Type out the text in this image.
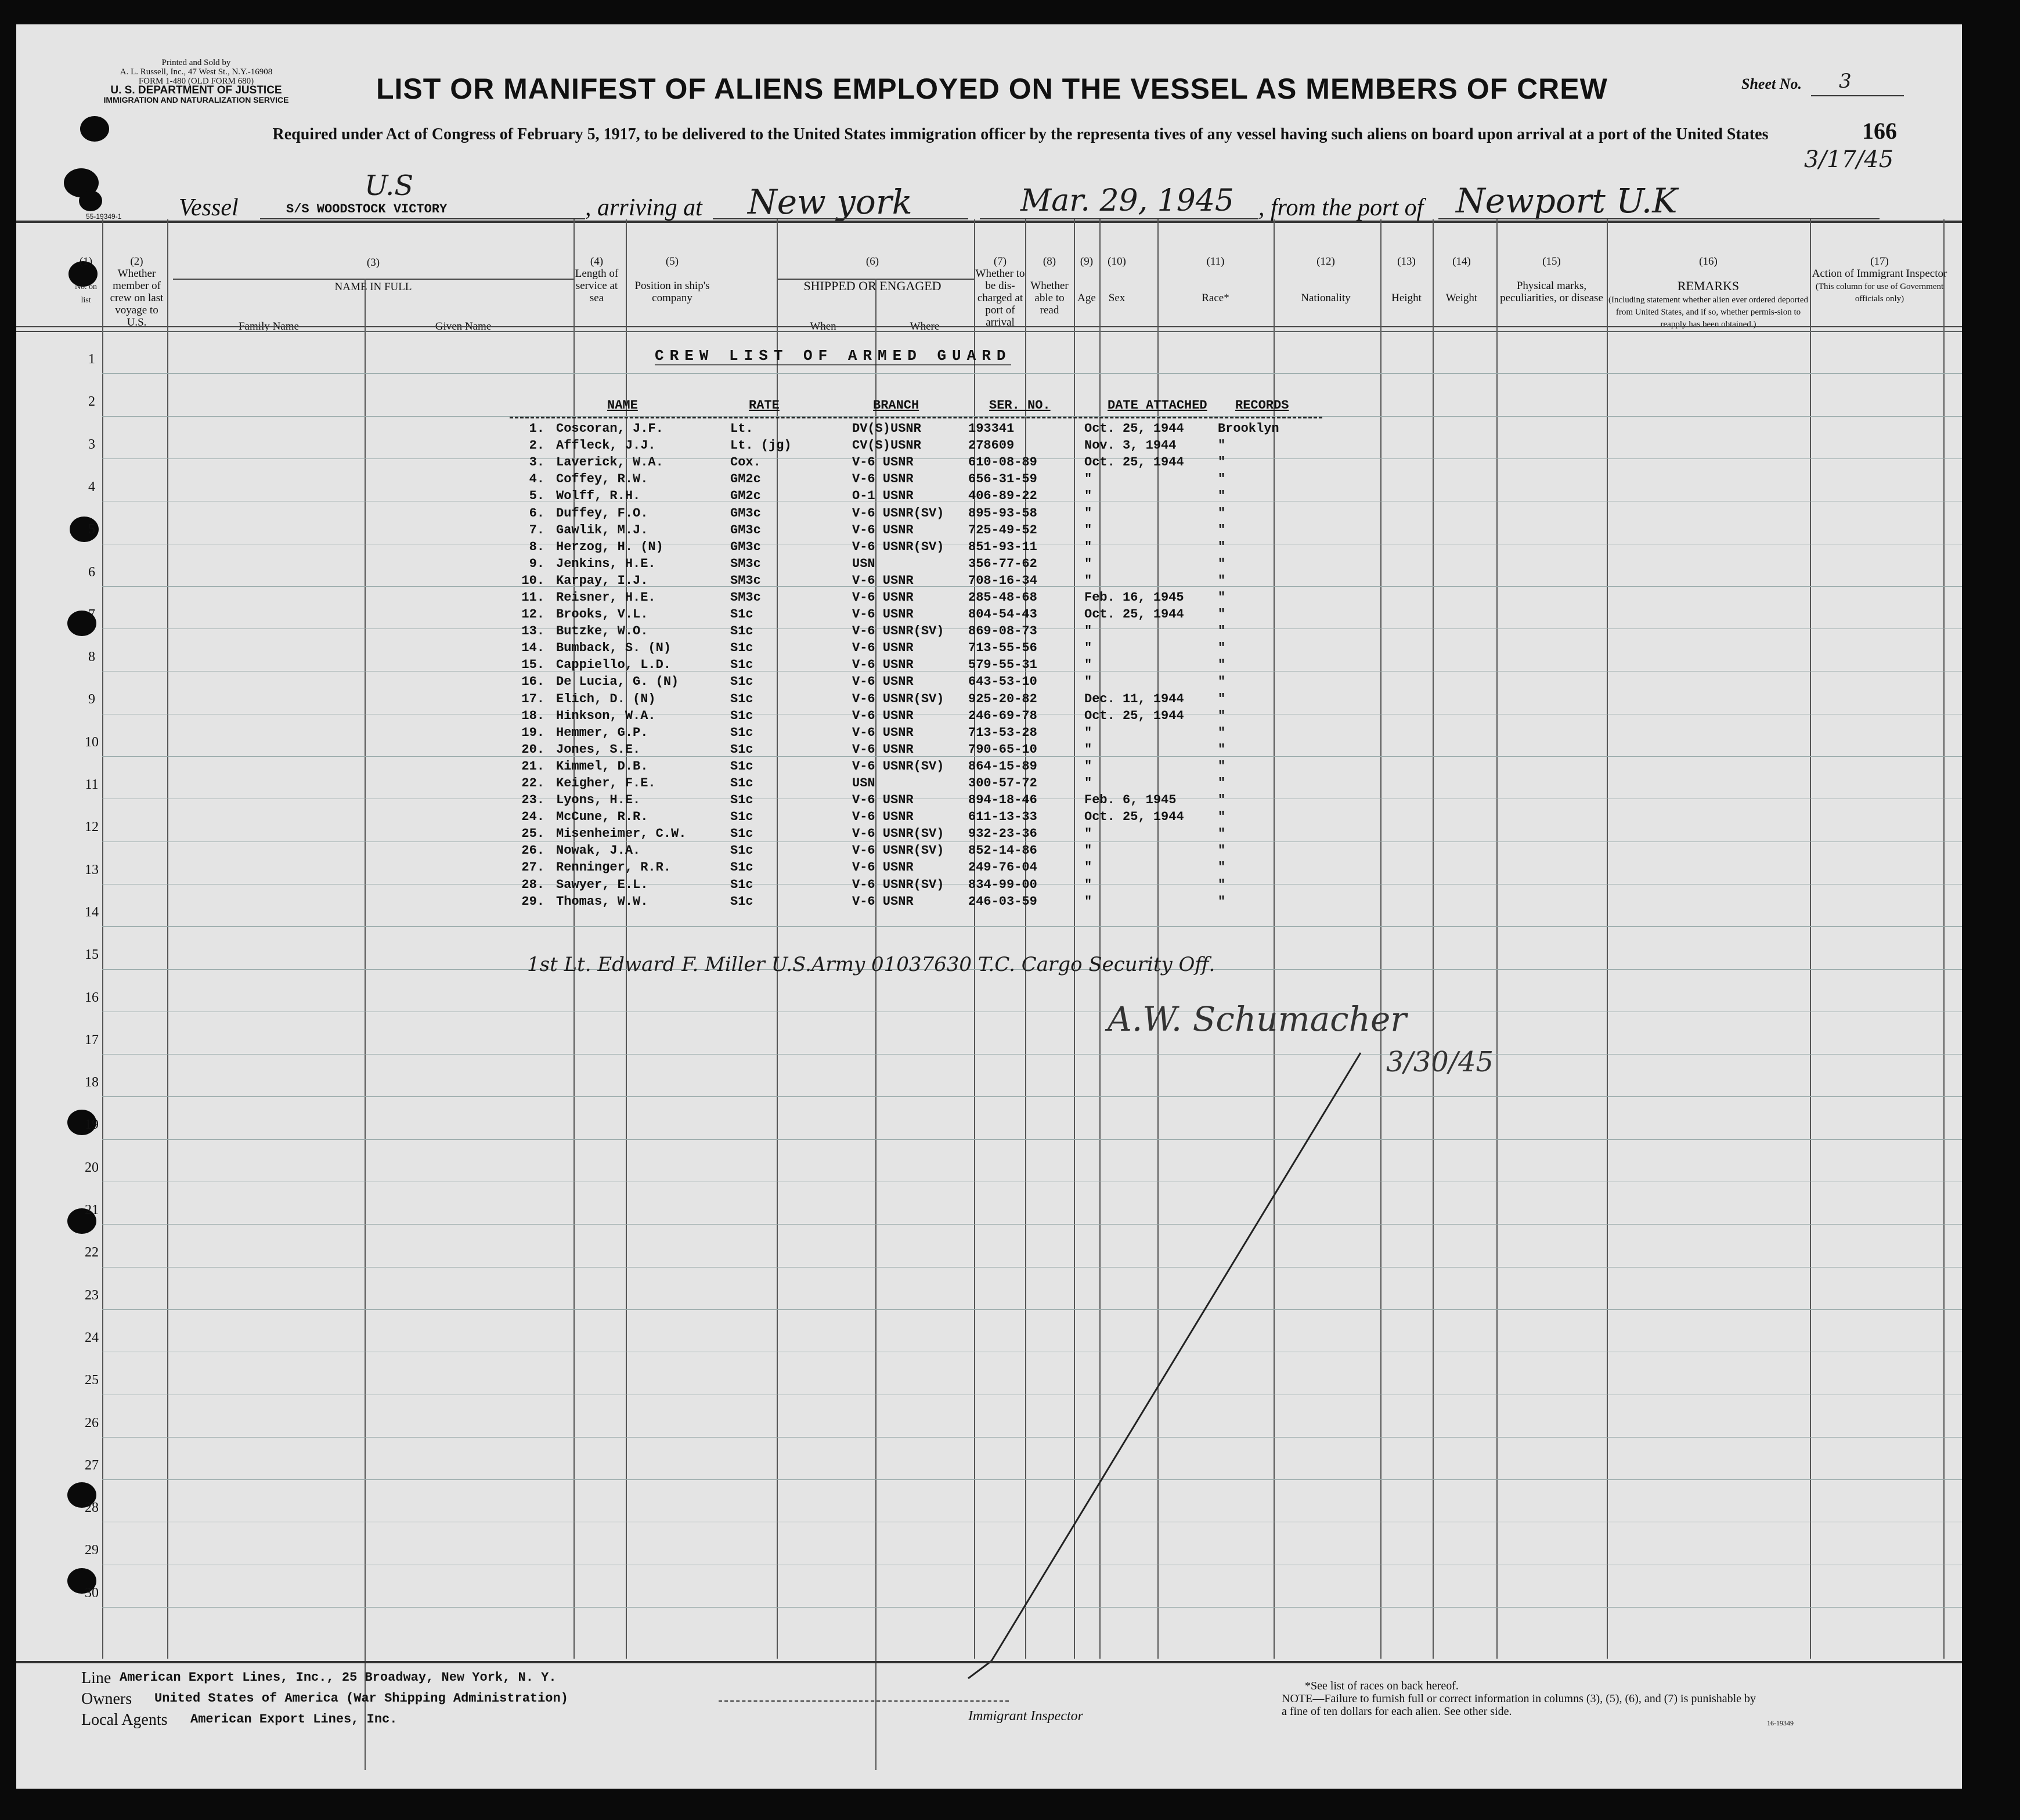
Printed and Sold by
A. L. Russell, Inc., 47 West St., N.Y.-16908
FORM 1-480 (OLD FORM 680)
U. S. DEPARTMENT OF JUSTICE
IMMIGRATION AND NATURALIZATION SERVICE	LIST OR MANIFEST OF ALIENS EMPLOYED ON THE VESSEL AS MEMBERS OF CREW	Sheet No. 3
166
Required under Act of Congress of February 5, 1917, to be delivered to the United States immigration officer by the representa tives of any vessel having such aliens on board upon arrival at a port of the United States
Vessel	S/S WOODSTOCK VICTORY
U.S
, arriving at New york	Mar. 29, 1945 , from the port of Newport U.K
3/17/45
55-19349-1
(1)

No. on list
(2)
Whether member of crew on last voyage to U.S.
(3)

NAME IN FULL
Family Name	Given Name
(4)
Length of service at sea
(5)

Position in ship's company
(6)

SHIPPED OR ENGAGED
When	Where
(7)
Whether to be dis-charged at port of arrival
(8)

Whether able to read
(9)

Age
(10)

Sex
(11)

Race*
(12)

Nationality
(13)

Height
(14)

Weight
(15)

Physical marks, peculiarities, or disease
(16)

REMARKS
(Including statement whether alien ever ordered deported from United States, and if so, whether permis-sion to reapply has been obtained.)
(17)
Action of Immigrant Inspector
(This column for use of Government officials only)
1
2
3
4
5
6
7
8
9
10
11
12
13
14
15
16
17
18
19
20
21
22
23
24
25
26
27
28
29
30
CREW LIST OF ARMED GUARD
NAME	RATE	BRANCH	SER. NO.	DATE ATTACHED RECORDS
1.	Coscoran, J.F.	Lt.	DV(S)USNR	193341	Oct. 25, 1944	Brooklyn
2.	Affleck, J.J.	Lt. (jg)	CV(S)USNR	278609	Nov. 3, 1944	"
3.	Laverick, W.A.	Cox.	V-6 USNR	610-08-89	Oct. 25, 1944	"
4.	Coffey, R.W.	GM2c	V-6 USNR	656-31-59	"	"
5.	Wolff, R.H.	GM2c	O-1 USNR	406-89-22	"	"
6.	Duffey, F.O.	GM3c	V-6 USNR(SV)	895-93-58	"	"
7.	Gawlik, M.J.	GM3c	V-6 USNR	725-49-52	"	"
8.	Herzog, H. (N)	GM3c	V-6 USNR(SV)	851-93-11	"	"
9.	Jenkins, H.E.	SM3c	USN	356-77-62	"	"
10.	Karpay, I.J.	SM3c	V-6 USNR	708-16-34	"	"
11.	Reisner, H.E.	SM3c	V-6 USNR	285-48-68	Feb. 16, 1945	"
12.	Brooks, V.L.	S1c	V-6 USNR	804-54-43	Oct. 25, 1944	"
13.	Butzke, W.O.	S1c	V-6 USNR(SV)	869-08-73	"	"
14.	Bumback, S. (N)	S1c	V-6 USNR	713-55-56	"	"
15.	Cappiello, L.D.	S1c	V-6 USNR	579-55-31	"	"
16.	De Lucia, G. (N)	S1c	V-6 USNR	643-53-10	"	"
17.	Elich, D. (N)	S1c	V-6 USNR(SV)	925-20-82	Dec. 11, 1944	"
18.	Hinkson, W.A.	S1c	V-6 USNR	246-69-78	Oct. 25, 1944	"
19.	Hemmer, G.P.	S1c	V-6 USNR	713-53-28	"	"
20.	Jones, S.E.	S1c	V-6 USNR	790-65-10	"	"
21.	Kimmel, D.B.	S1c	V-6 USNR(SV)	864-15-89	"	"
22.	Keigher, F.E.	S1c	USN	300-57-72	"	"
23.	Lyons, H.E.	S1c	V-6 USNR	894-18-46	Feb. 6, 1945	"
24.	McCune, R.R.	S1c	V-6 USNR	611-13-33	Oct. 25, 1944	"
25.	Misenheimer, C.W.	S1c	V-6 USNR(SV)	932-23-36	"	"
26.	Nowak, J.A.	S1c	V-6 USNR(SV)	852-14-86	"	"
27.	Renninger, R.R.	S1c	V-6 USNR	249-76-04	"	"
28.	Sawyer, E.L.	S1c	V-6 USNR(SV)	834-99-00	"	"
29.	Thomas, W.W.	S1c	V-6 USNR	246-03-59	"	"
1st Lt. Edward F. Miller U.S.Army 01037630 T.C. Cargo Security Off.
A.W. Schumacher
3/30/45
Line American Export Lines, Inc., 25 Broadway, New York, N. Y.
Owners United States of America (War Shipping Administration)
Local Agents American Export Lines, Inc.	Immigrant Inspector
*See list of races on back hereof.
NOTE—Failure to furnish full or correct information in columns (3), (5), (6), and (7) is punishable by a fine of ten dollars for each alien. See other side.
16-19349
